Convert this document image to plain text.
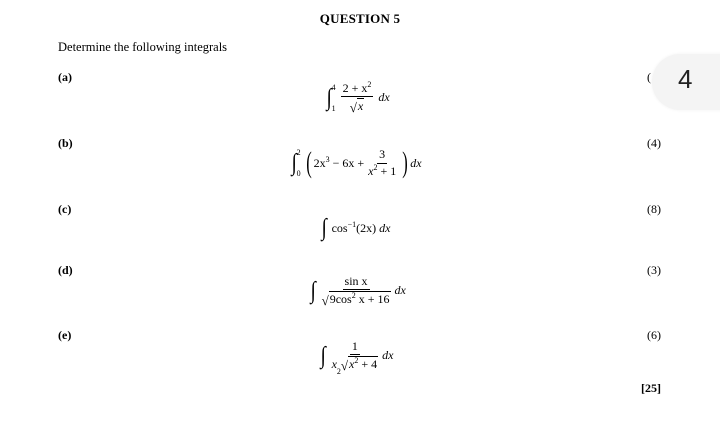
QUESTION 5
Determine the following integrals
(a)	(
∫ 4
$1 \frac{2 + x^2}{√ x}$ dx
(b)	(4)
∫ 2
0 ( $2x^3 - 6x + \frac{3}{x^2 + 1}$ ) dx
(c)	(8)
∫ $\cos^{-1} (2x)$ dx
(d)	(3)
∫ $\frac{\text{sin x}}{√ 9\cos^2 x + 16}$ dx
(e)	(6)
∫ $\frac{1}{x 2 √ x^2 + 4}$ dx
[25]
4
